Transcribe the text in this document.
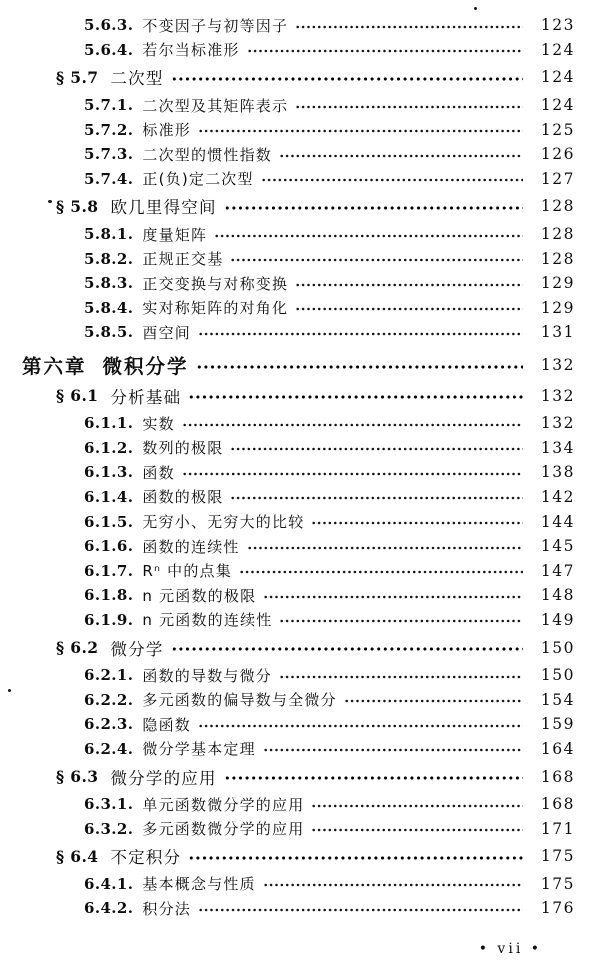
5.6.3. 不变因子与初等因子	123
5.6.4. 若尔当标准形	124
§ 5.7 二次型	124
5.7.1. 二次型及其矩阵表示	124
5.7.2. 标准形	125
5.7.3. 二次型的惯性指数	126
5.7.4. 正(负)定二次型	127
§ 5.8 欧几里得空间	128
5.8.1. 度量矩阵	128
5.8.2. 正规正交基	128
5.8.3. 正交变换与对称变换	129
5.8.4. 实对称矩阵的对角化	129
5.8.5. 酉空间	131
第六章 微积分学	132
§ 6.1 分析基础	132
6.1.1. 实数	132
6.1.2. 数列的极限	134
6.1.3. 函数	138
6.1.4. 函数的极限	142
6.1.5. 无穷小、无穷大的比较	144
6.1.6. 函数的连续性	145
6.1.7. Rⁿ 中的点集	147
6.1.8. n 元函数的极限	148
6.1.9. n 元函数的连续性	149
§ 6.2 微分学	150
6.2.1. 函数的导数与微分	150
6.2.2. 多元函数的偏导数与全微分	154
6.2.3. 隐函数	159
6.2.4. 微分学基本定理	164
§ 6.3 微分学的应用	168
6.3.1. 单元函数微分学的应用	168
6.3.2. 多元函数微分学的应用	171
§ 6.4 不定积分	175
6.4.1. 基本概念与性质	175
6.4.2. 积分法	176
• vii •
